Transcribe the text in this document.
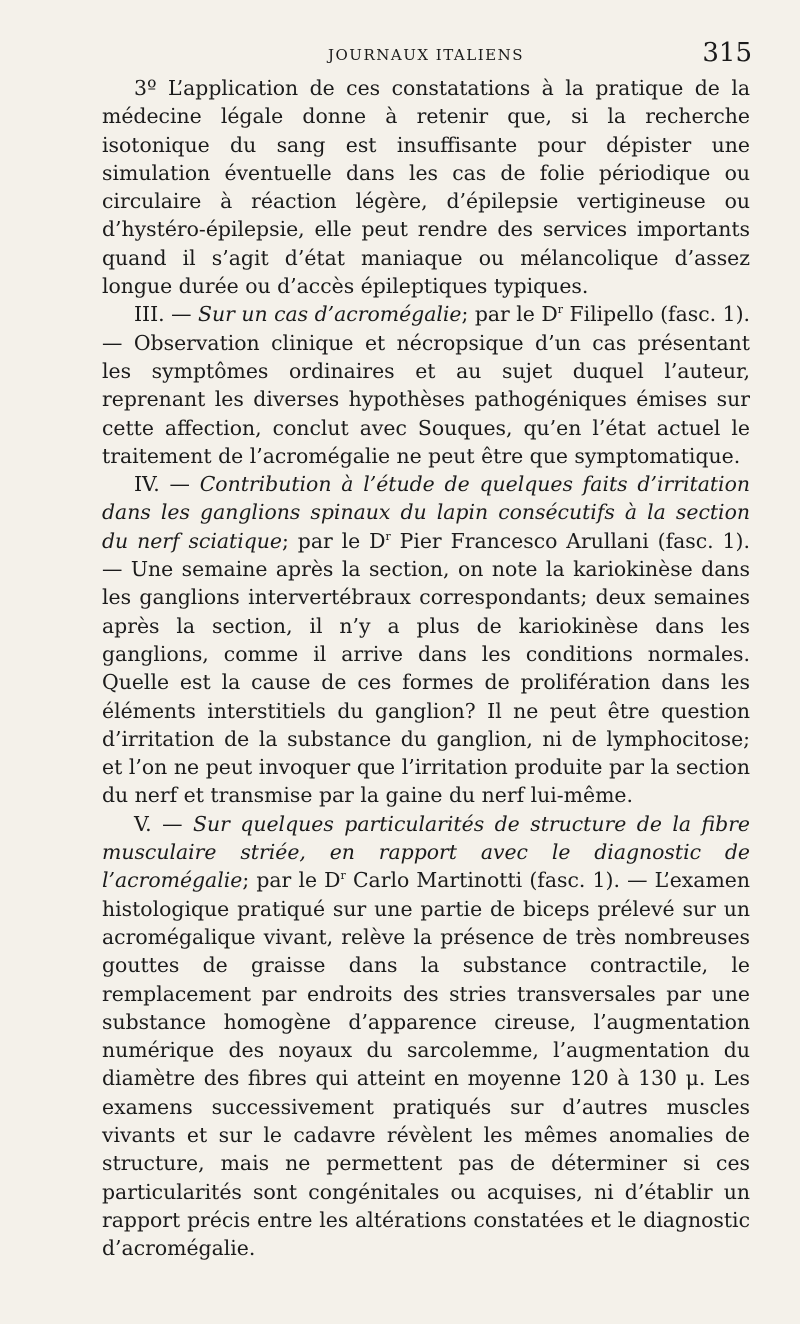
JOURNAUX ITALIENS	315

3º L’application de ces constatations à la pratique de la médecine légale donne à retenir que, si la recherche isotonique du sang est insuffisante pour dépister une simulation éventuelle dans les cas de folie périodique ou circulaire à réaction légère, d’épilepsie vertigineuse ou d’hystéro-épilepsie, elle peut rendre des services importants quand il s’agit d’état maniaque ou mélancolique d’assez longue durée ou d’accès épileptiques typiques.

III. — Sur un cas d’acromégalie; par le $D^r$ Filipello (fasc. 1). — Observation clinique et nécropsique d’un cas présentant les symptômes ordinaires et au sujet duquel l’auteur, reprenant les diverses hypothèses pathogéniques émises sur cette affection, conclut avec Souques, qu’en l’état actuel le traitement de l’acromégalie ne peut être que symptomatique.

IV. — Contribution à l’étude de quelques faits d’irritation dans les ganglions spinaux du lapin consécutifs à la section du nerf sciatique; par le $D^r$ Pier Francesco Arullani (fasc. 1). — Une semaine après la section, on note la kariokinèse dans les ganglions intervertébraux correspondants; deux semaines après la section, il n’y a plus de kariokinèse dans les ganglions, comme il arrive dans les conditions normales. Quelle est la cause de ces formes de prolifération dans les éléments interstitiels du ganglion? Il ne peut être question d’irritation de la substance du ganglion, ni de lymphocitose; et l’on ne peut invoquer que l’irritation produite par la section du nerf et transmise par la gaine du nerf lui-même.

V. — Sur quelques particularités de structure de la fibre musculaire striée, en rapport avec le diagnostic de l’acromégalie; par le $D^r$ Carlo Martinotti (fasc. 1). — L’examen histologique pratiqué sur une partie de biceps prélevé sur un acromégalique vivant, relève la présence de très nombreuses gouttes de graisse dans la substance contractile, le remplacement par endroits des stries transversales par une substance homogène d’apparence cireuse, l’augmentation numérique des noyaux du sarcolemme, l’augmentation du diamètre des fibres qui atteint en moyenne 120 à 130 μ. Les examens successivement pratiqués sur d’autres muscles vivants et sur le cadavre révèlent les mêmes anomalies de structure, mais ne permettent pas de déterminer si ces particularités sont congénitales ou acquises, ni d’établir un rapport précis entre les altérations constatées et le diagnostic d’acromégalie.
